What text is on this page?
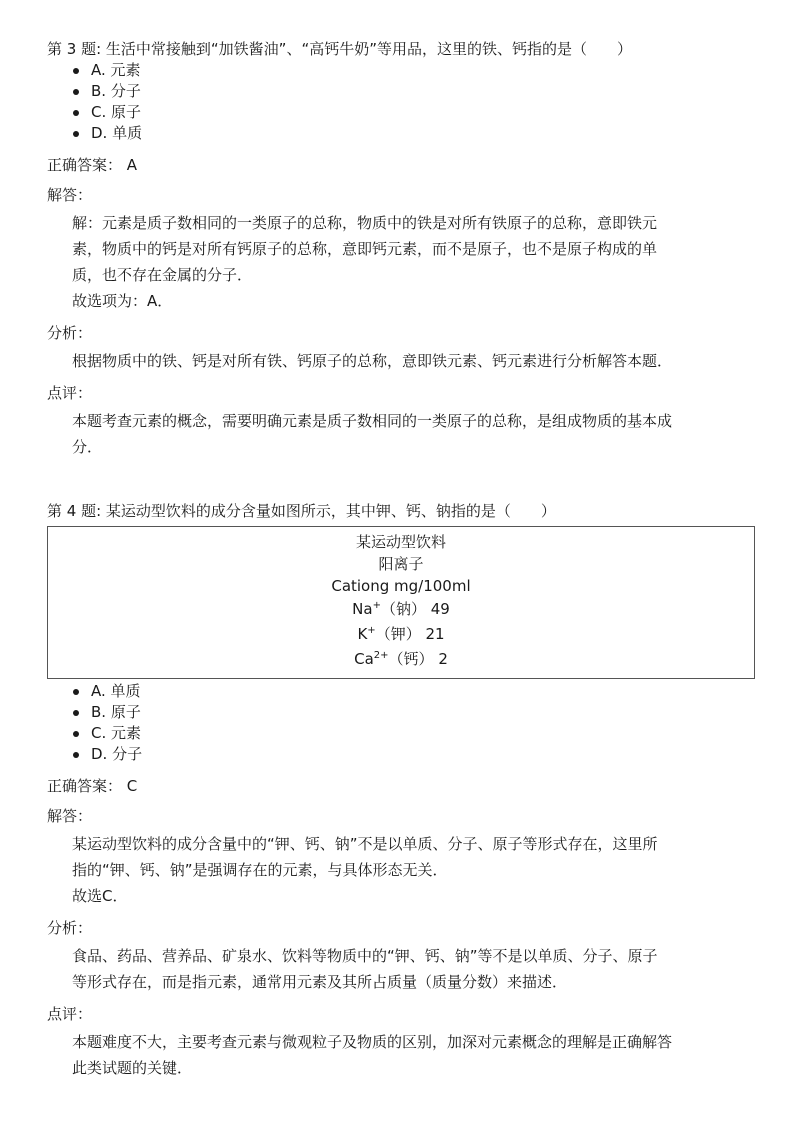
第 3 题: 生活中常接触到“加铁酱油”、“高钙牛奶”等用品，这里的铁、钙指的是（　　）
A. 元素
B. 分子
C. 原子
D. 单质
正确答案： A
解答：
解：元素是质子数相同的一类原子的总称，物质中的铁是对所有铁原子的总称，意即铁元
素，物质中的钙是对所有钙原子的总称，意即钙元素，而不是原子，也不是原子构成的单
质，也不存在金属的分子．
故选项为：A．
分析：
根据物质中的铁、钙是对所有铁、钙原子的总称，意即铁元素、钙元素进行分析解答本题．
点评：
本题考查元素的概念，需要明确元素是质子数相同的一类原子的总称，是组成物质的基本成
分．
第 4 题: 某运动型饮料的成分含量如图所示，其中钾、钙、钠指的是（　　）
某运动型饮料
阳离子
Cationg mg/100ml
Na+（钠） 49
K+（钾） 21
$Ca^{2+}$（钙） 2
A. 单质
B. 原子
C. 元素
D. 分子
正确答案： C
解答：
某运动型饮料的成分含量中的“钾、钙、钠”不是以单质、分子、原子等形式存在，这里所
指的“钾、钙、钠”是强调存在的元素，与具体形态无关．
故选C．
分析：
食品、药品、营养品、矿泉水、饮料等物质中的“钾、钙、钠”等不是以单质、分子、原子
等形式存在，而是指元素，通常用元素及其所占质量（质量分数）来描述．
点评：
本题难度不大，主要考查元素与微观粒子及物质的区别，加深对元素概念的理解是正确解答
此类试题的关键．
